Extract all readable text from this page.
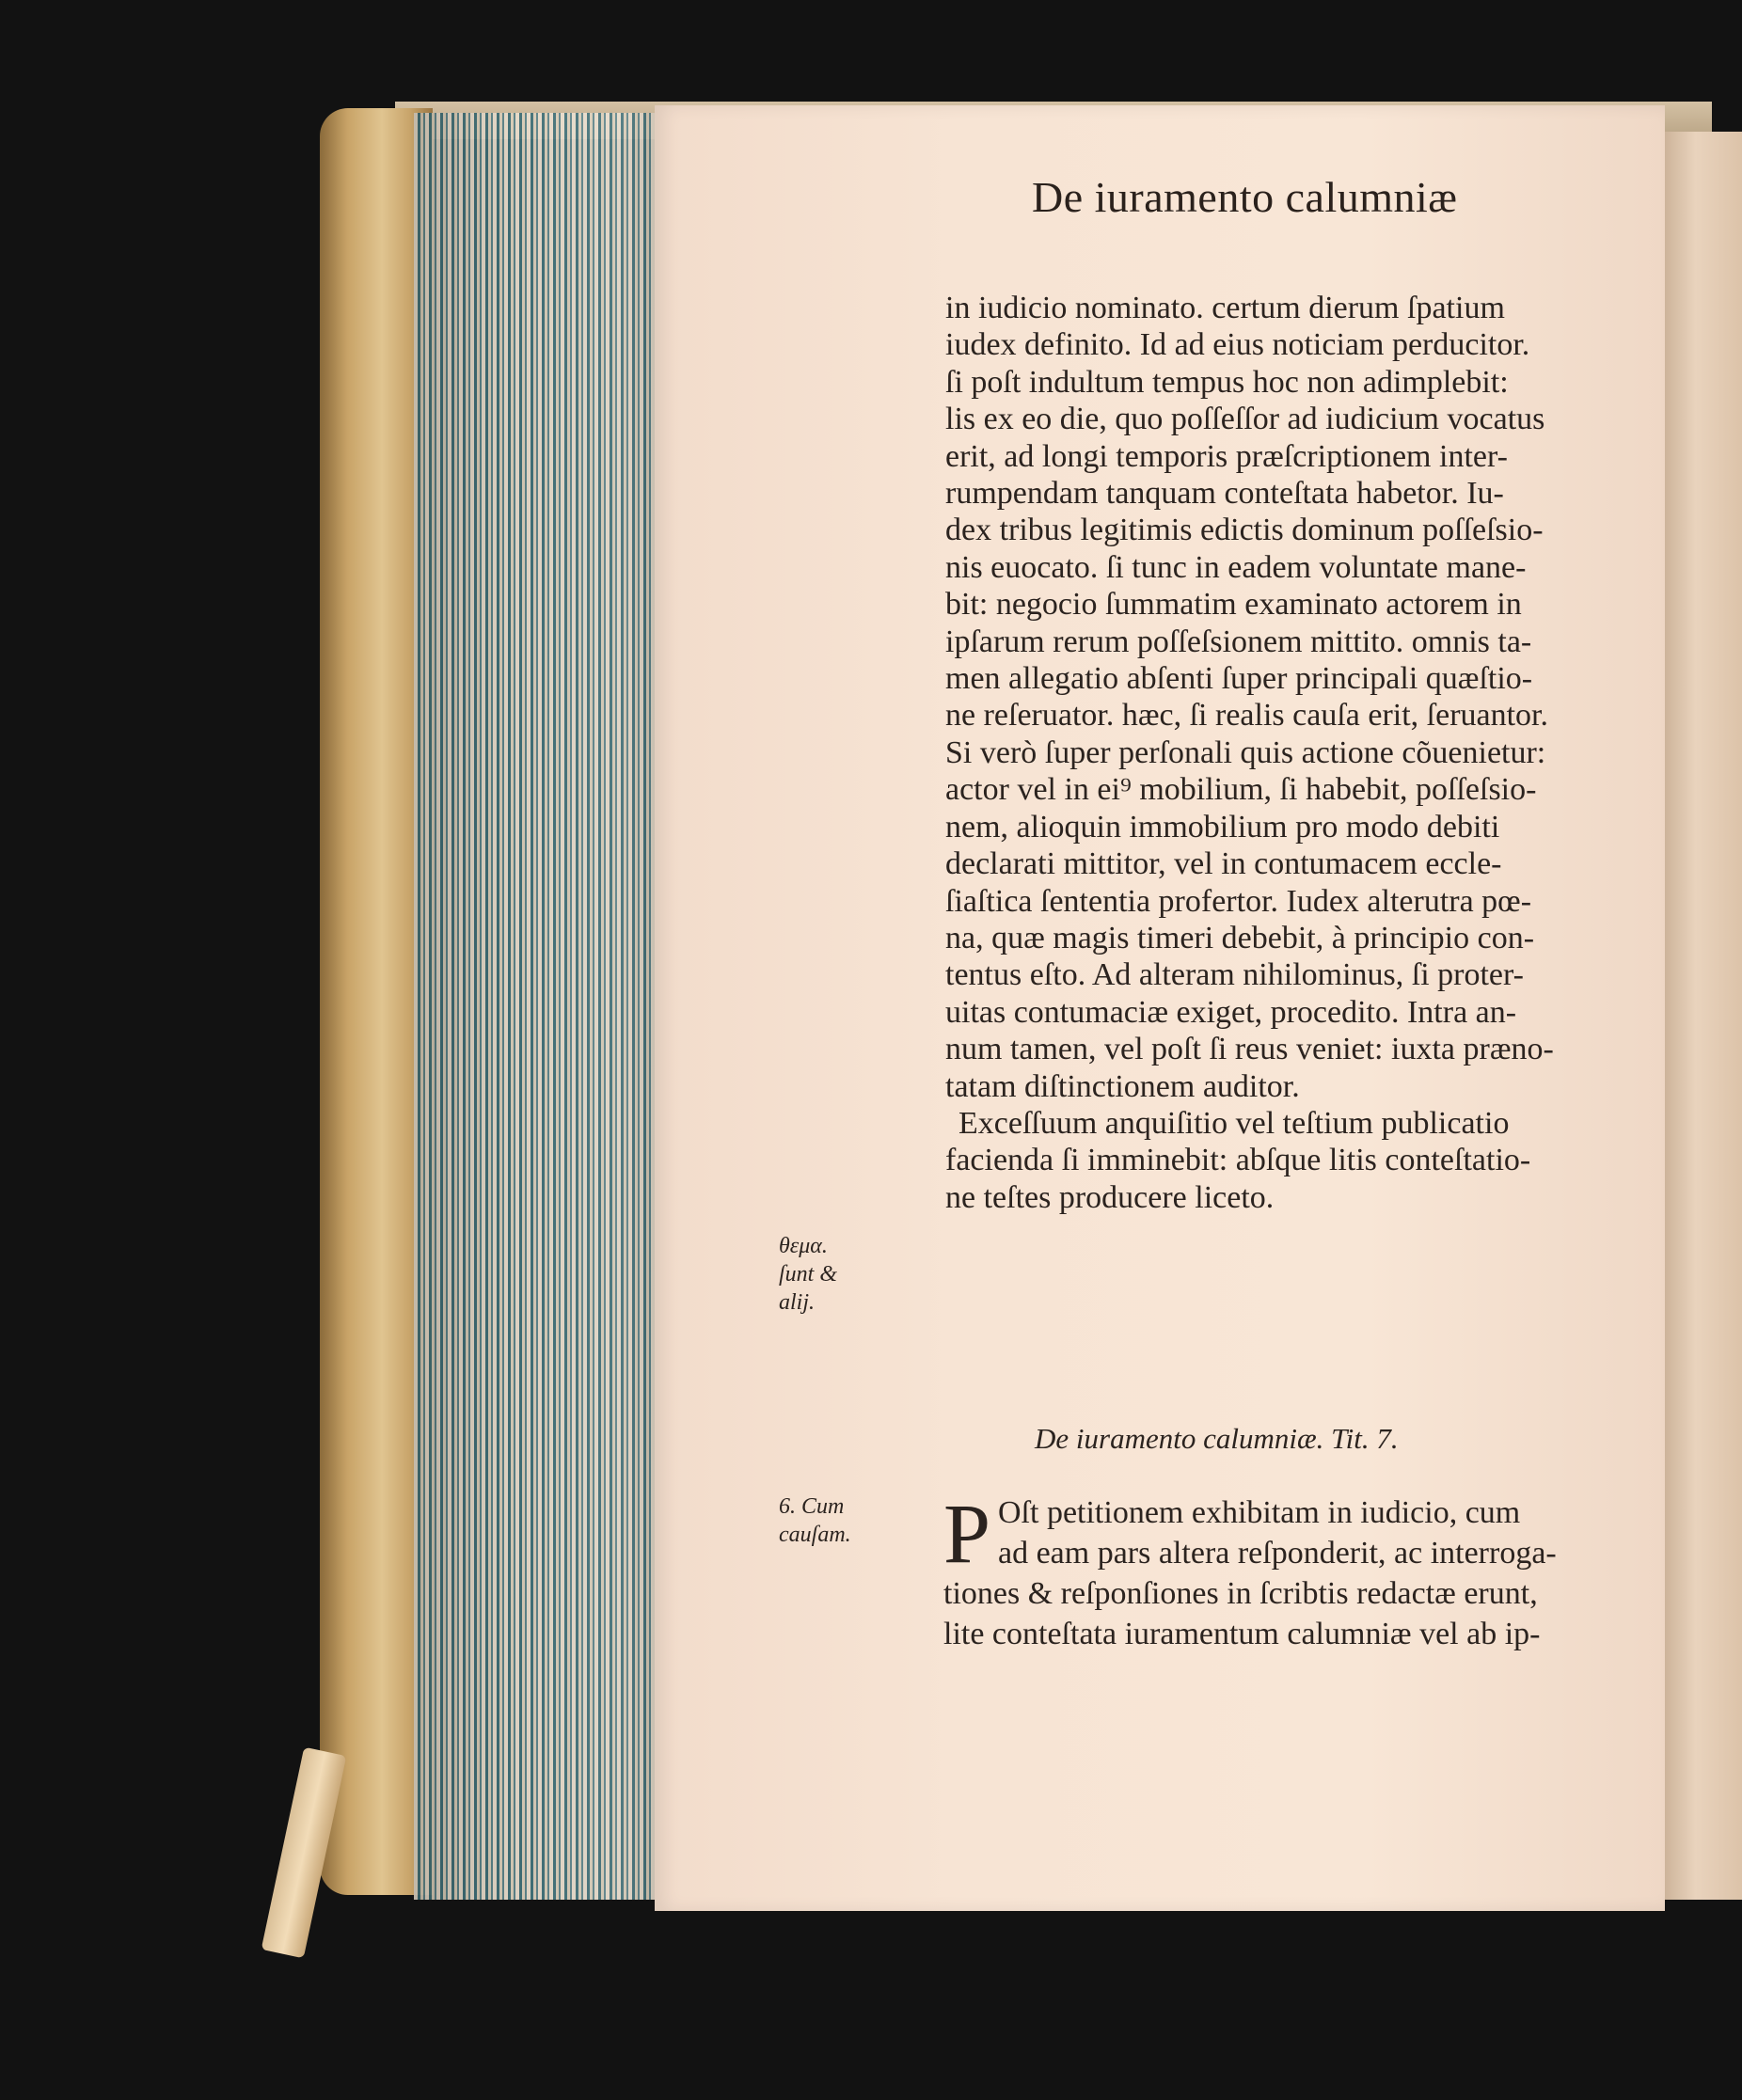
De iuramento calumniæ
in iudicio nominato. certum dierum ſpatium
iudex definito. Id ad eius noticiam perducitor.
ſi poſt indultum tempus hoc non adimplebit:
lis ex eo die, quo poſſeſſor ad iudicium vocatus
erit, ad longi temporis præſcriptionem inter-
rumpendam tanquam conteſtata habetor. Iu-
dex tribus legitimis edictis dominum poſſeſsio-
nis euocato. ſi tunc in eadem voluntate mane-
bit: negocio ſummatim examinato actorem in
ipſarum rerum poſſeſsionem mittito. omnis ta-
men allegatio abſenti ſuper principali quæſtio-
ne reſeruator. hæc, ſi realis cauſa erit, ſeruantor.
Si verò ſuper perſonali quis actione cõuenietur:
actor vel in ei⁹ mobilium, ſi habebit, poſſeſsio-
nem, alioquin immobilium pro modo debiti
declarati mittitor, vel in contumacem eccle-
ſiaſtica ſententia profertor. Iudex alterutra pœ-
na, quæ magis timeri debebit, à principio con-
tentus eſto. Ad alteram nihilominus, ſi proter-
uitas contumaciæ exiget, procedito. Intra an-
num tamen, vel poſt ſi reus veniet: iuxta præno-
tatam diſtinctionem auditor.
Exceſſuum anquiſitio vel teſtium publicatio
facienda ſi imminebit: abſque litis conteſtatio-
ne teſtes producere liceto.
θεμα.
ſunt &
alij.
De iuramento calumniæ. Tit. 7.
6. Cum
cauſam. P Oſt petitionem exhibitam in iudicio, cum
ad eam pars altera reſponderit, ac interroga-
tiones & reſponſiones in ſcribtis redactæ erunt,
lite conteſtata iuramentum calumniæ vel ab ip-
